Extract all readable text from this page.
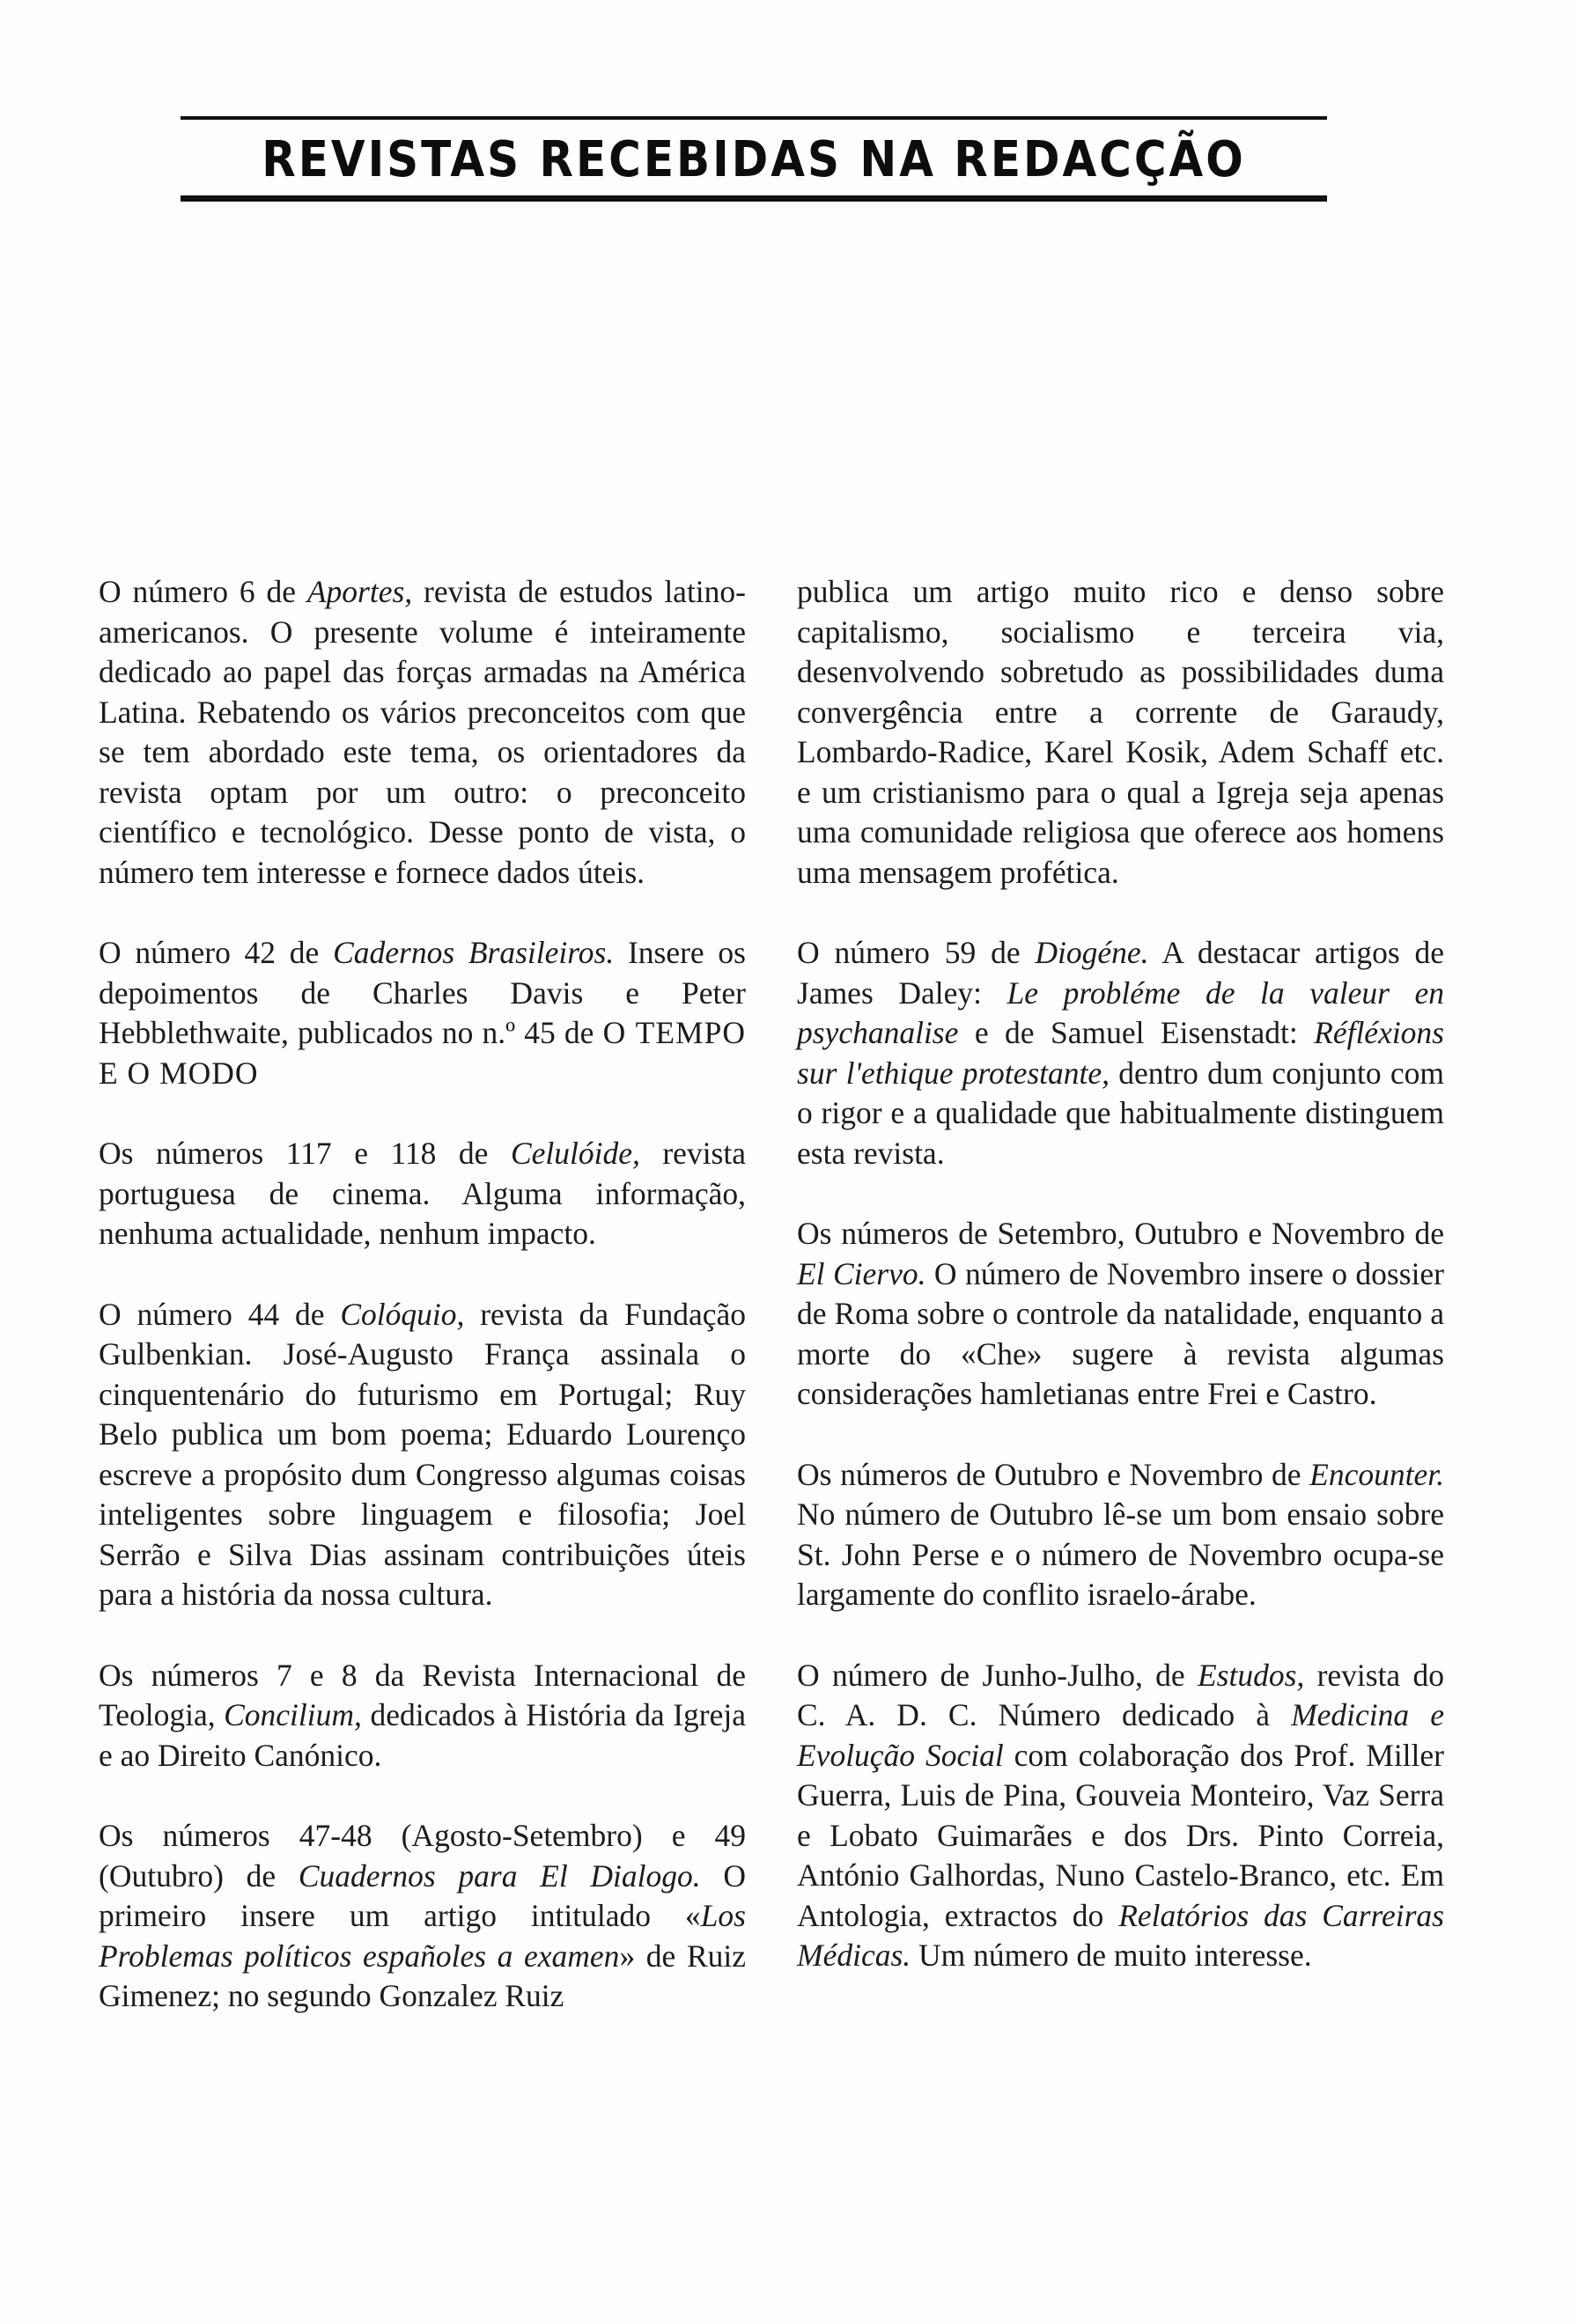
REVISTAS RECEBIDAS NA REDACÇÃO

O número 6 de Aportes, revista de estudos latino-americanos. O presente volume é inteiramente dedicado ao papel das forças armadas na América Latina. Rebatendo os vários preconceitos com que se tem abordado este tema, os orientadores da revista optam por um outro: o preconceito científico e tecnológico. Desse ponto de vista, o número tem interesse e fornece dados úteis.

O número 42 de Cadernos Brasileiros. Insere os depoimentos de Charles Davis e Peter Hebblethwaite, publicados no n.º 45 de O TEMPO E O MODO

Os números 117 e 118 de Celulóide, revista portuguesa de cinema. Alguma informação, nenhuma actualidade, nenhum impacto.

O número 44 de Colóquio, revista da Fundação Gulbenkian. José-Augusto França assinala o cinquentenário do futurismo em Portugal; Ruy Belo publica um bom poema; Eduardo Lourenço escreve a propósito dum Congresso algumas coisas inteligentes sobre linguagem e filosofia; Joel Serrão e Silva Dias assinam contribuições úteis para a história da nossa cultura.

Os números 7 e 8 da Revista Internacional de Teologia, Concilium, dedicados à História da Igreja e ao Direito Canónico.

Os números 47-48 (Agosto-Setembro) e 49 (Outubro) de Cuadernos para El Dialogo. O primeiro insere um artigo intitulado «Los Problemas políticos españoles a examen» de Ruiz Gimenez; no segundo Gonzalez Ruiz

publica um artigo muito rico e denso sobre capitalismo, socialismo e terceira via, desenvolvendo sobretudo as possibilidades duma convergência entre a corrente de Garaudy, Lombardo-Radice, Karel Kosik, Adem Schaff etc. e um cristianismo para o qual a Igreja seja apenas uma comunidade religiosa que oferece aos homens uma mensagem profética.

O número 59 de Diogéne. A destacar artigos de James Daley: Le probléme de la valeur en psychanalise e de Samuel Eisenstadt: Réfléxions sur l'ethique protestante, dentro dum conjunto com o rigor e a qualidade que habitualmente distinguem esta revista.

Os números de Setembro, Outubro e Novembro de El Ciervo. O número de Novembro insere o dossier de Roma sobre o controle da natalidade, enquanto a morte do «Che» sugere à revista algumas considerações hamletianas entre Frei e Castro.

Os números de Outubro e Novembro de Encounter. No número de Outubro lê-se um bom ensaio sobre St. John Perse e o número de Novembro ocupa-se largamente do conflito israelo-árabe.

O número de Junho-Julho, de Estudos, revista do C. A. D. C. Número dedicado à Medicina e Evolução Social com colaboração dos Prof. Miller Guerra, Luis de Pina, Gouveia Monteiro, Vaz Serra e Lobato Guimarães e dos Drs. Pinto Correia, António Galhordas, Nuno Castelo-Branco, etc. Em Antologia, extractos do Relatórios das Carreiras Médicas. Um número de muito interesse.
